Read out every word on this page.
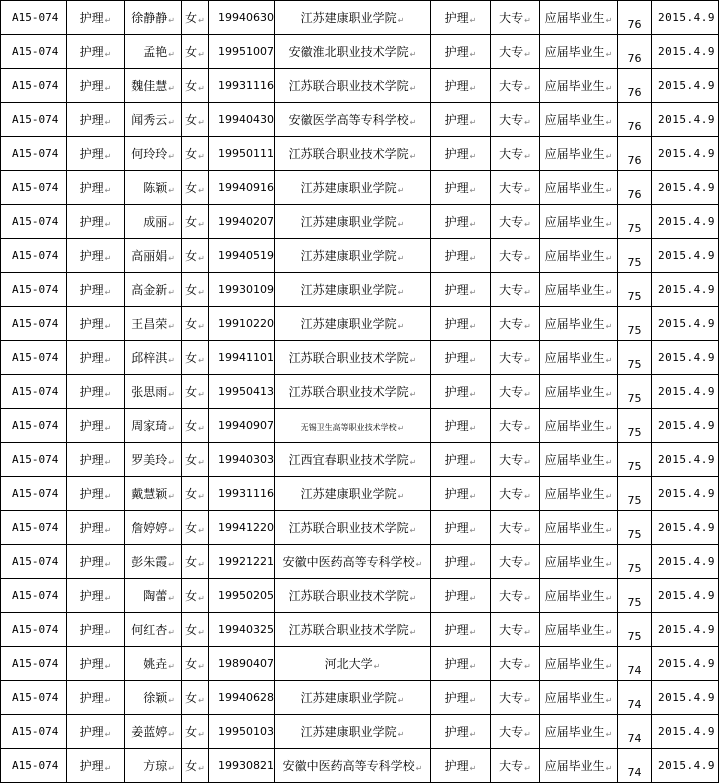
A15-074	护理↵	徐静静↵	女↵	19940630	江苏建康职业学院↵	护理↵	大专↵	应届毕业生↵	76	2015.4.9
A15-074	护理↵	孟艳↵	女↵	19951007	安徽淮北职业技术学院↵	护理↵	大专↵	应届毕业生↵	76	2015.4.9
A15-074	护理↵	魏佳慧↵	女↵	19931116	江苏联合职业技术学院↵	护理↵	大专↵	应届毕业生↵	76	2015.4.9
A15-074	护理↵	闻秀云↵	女↵	19940430	安徽医学高等专科学校↵	护理↵	大专↵	应届毕业生↵	76	2015.4.9
A15-074	护理↵	何玲玲↵	女↵	19950111	江苏联合职业技术学院↵	护理↵	大专↵	应届毕业生↵	76	2015.4.9
A15-074	护理↵	陈颖↵	女↵	19940916	江苏建康职业学院↵	护理↵	大专↵	应届毕业生↵	76	2015.4.9
A15-074	护理↵	成丽↵	女↵	19940207	江苏建康职业学院↵	护理↵	大专↵	应届毕业生↵	75	2015.4.9
A15-074	护理↵	高丽娟↵	女↵	19940519	江苏建康职业学院↵	护理↵	大专↵	应届毕业生↵	75	2015.4.9
A15-074	护理↵	高金新↵	女↵	19930109	江苏建康职业学院↵	护理↵	大专↵	应届毕业生↵	75	2015.4.9
A15-074	护理↵	王昌荣↵	女↵	19910220	江苏建康职业学院↵	护理↵	大专↵	应届毕业生↵	75	2015.4.9
A15-074	护理↵	邱梓淇↵	女↵	19941101	江苏联合职业技术学院↵	护理↵	大专↵	应届毕业生↵	75	2015.4.9
A15-074	护理↵	张思雨↵	女↵	19950413	江苏联合职业技术学院↵	护理↵	大专↵	应届毕业生↵	75	2015.4.9
A15-074	护理↵	周家琦↵	女↵	19940907	无锡卫生高等职业技术学校↵	护理↵	大专↵	应届毕业生↵	75	2015.4.9
A15-074	护理↵	罗美玲↵	女↵	19940303	江西宜春职业技术学院↵	护理↵	大专↵	应届毕业生↵	75	2015.4.9
A15-074	护理↵	戴慧颖↵	女↵	19931116	江苏建康职业学院↵	护理↵	大专↵	应届毕业生↵	75	2015.4.9
A15-074	护理↵	詹婷婷↵	女↵	19941220	江苏联合职业技术学院↵	护理↵	大专↵	应届毕业生↵	75	2015.4.9
A15-074	护理↵	彭朱霞↵	女↵	19921221	安徽中医药高等专科学校↵	护理↵	大专↵	应届毕业生↵	75	2015.4.9
A15-074	护理↵	陶蕾↵	女↵	19950205	江苏联合职业技术学院↵	护理↵	大专↵	应届毕业生↵	75	2015.4.9
A15-074	护理↵	何红杏↵	女↵	19940325	江苏联合职业技术学院↵	护理↵	大专↵	应届毕业生↵	75	2015.4.9
A15-074	护理↵	姚垚↵	女↵	19890407	河北大学↵	护理↵	大专↵	应届毕业生↵	74	2015.4.9
A15-074	护理↵	徐颖↵	女↵	19940628	江苏建康职业学院↵	护理↵	大专↵	应届毕业生↵	74	2015.4.9
A15-074	护理↵	姜蓝婷↵	女↵	19950103	江苏建康职业学院↵	护理↵	大专↵	应届毕业生↵	74	2015.4.9
A15-074	护理↵	方琼↵	女↵	19930821	安徽中医药高等专科学校↵	护理↵	大专↵	应届毕业生↵	74	2015.4.9
